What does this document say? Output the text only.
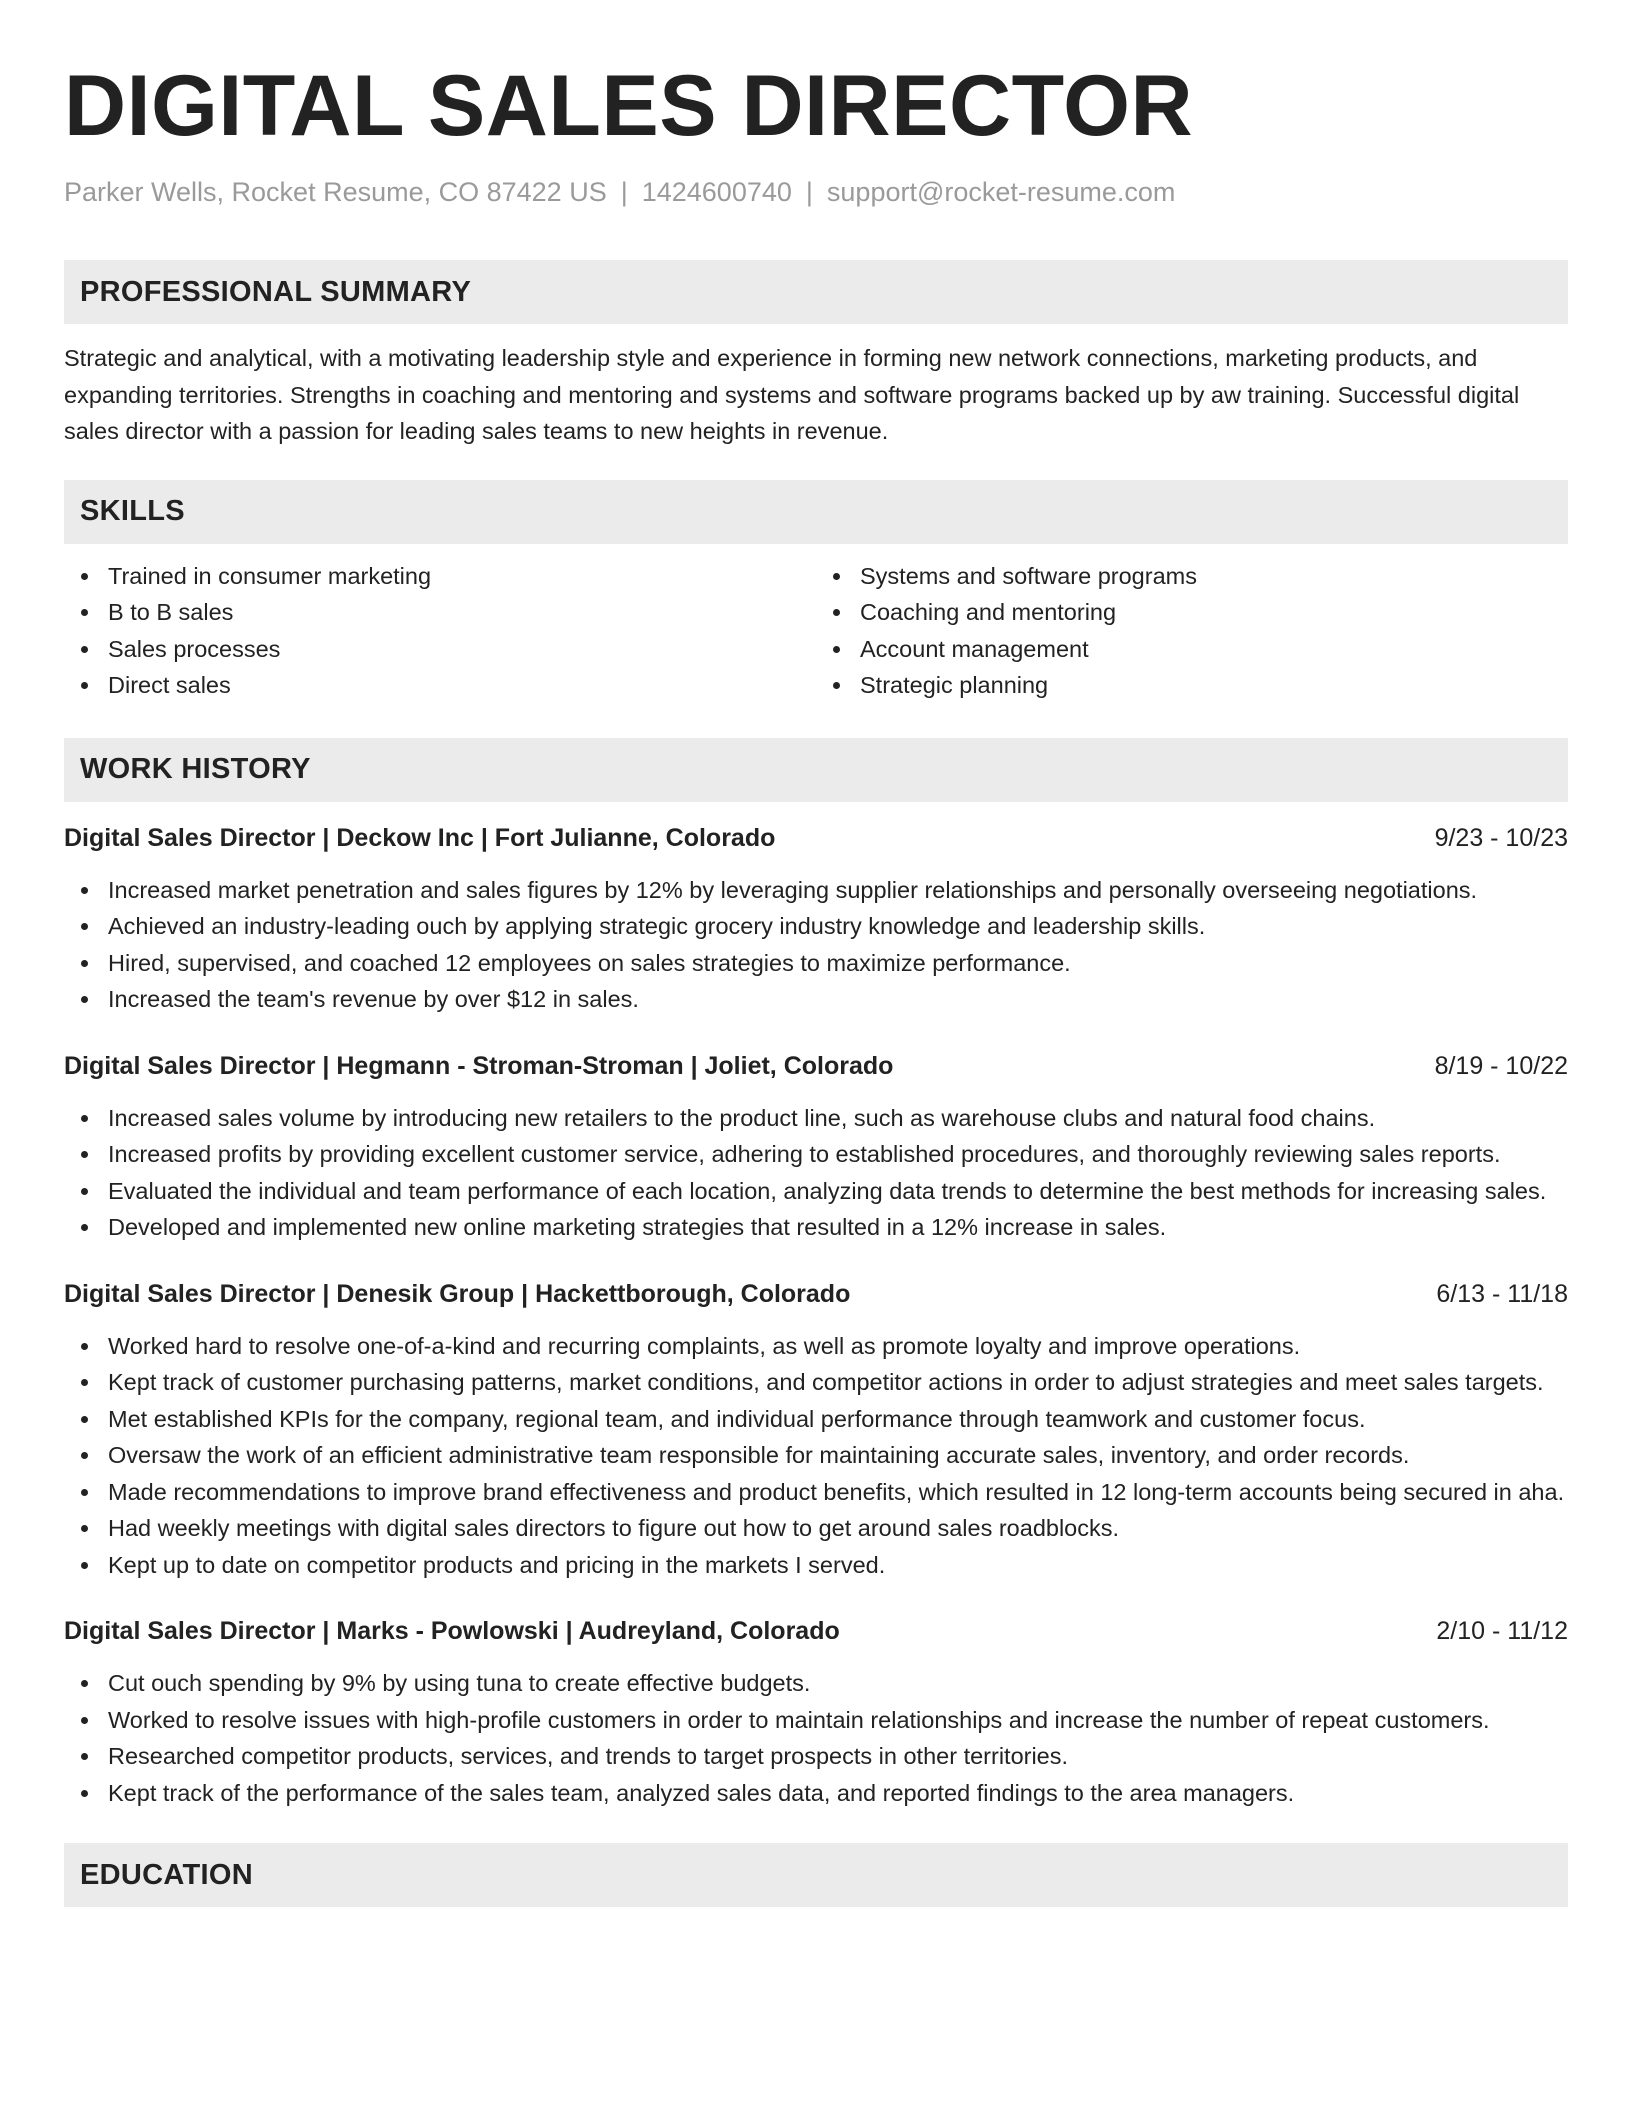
DIGITAL SALES DIRECTOR
Parker Wells, Rocket Resume, CO 87422 US | 1424600740 | support@rocket-resume.com
PROFESSIONAL SUMMARY

Strategic and analytical, with a motivating leadership style and experience in forming new network connections, marketing products, and expanding territories. Strengths in coaching and mentoring and systems and software programs backed up by aw training. Successful digital sales director with a passion for leading sales teams to new heights in revenue.

SKILLS
Trained in consumer marketing
B to B sales
Sales processes
Direct sales
Systems and software programs
Coaching and mentoring
Account management
Strategic planning
WORK HISTORY
Digital Sales Director | Deckow Inc | Fort Julianne, Colorado	9/23 - 10/23
Increased market penetration and sales figures by 12% by leveraging supplier relationships and personally overseeing negotiations.
Achieved an industry-leading ouch by applying strategic grocery industry knowledge and leadership skills.
Hired, supervised, and coached 12 employees on sales strategies to maximize performance.
Increased the team's revenue by over $12 in sales.
Digital Sales Director | Hegmann - Stroman-Stroman | Joliet, Colorado	8/19 - 10/22
Increased sales volume by introducing new retailers to the product line, such as warehouse clubs and natural food chains.
Increased profits by providing excellent customer service, adhering to established procedures, and thoroughly reviewing sales reports.
Evaluated the individual and team performance of each location, analyzing data trends to determine the best methods for increasing sales.
Developed and implemented new online marketing strategies that resulted in a 12% increase in sales.
Digital Sales Director | Denesik Group | Hackettborough, Colorado	6/13 - 11/18
Worked hard to resolve one-of-a-kind and recurring complaints, as well as promote loyalty and improve operations.
Kept track of customer purchasing patterns, market conditions, and competitor actions in order to adjust strategies and meet sales targets.
Met established KPIs for the company, regional team, and individual performance through teamwork and customer focus.
Oversaw the work of an efficient administrative team responsible for maintaining accurate sales, inventory, and order records.
Made recommendations to improve brand effectiveness and product benefits, which resulted in 12 long-term accounts being secured in aha.
Had weekly meetings with digital sales directors to figure out how to get around sales roadblocks.
Kept up to date on competitor products and pricing in the markets I served.
Digital Sales Director | Marks - Powlowski | Audreyland, Colorado	2/10 - 11/12
Cut ouch spending by 9% by using tuna to create effective budgets.
Worked to resolve issues with high-profile customers in order to maintain relationships and increase the number of repeat customers.
Researched competitor products, services, and trends to target prospects in other territories.
Kept track of the performance of the sales team, analyzed sales data, and reported findings to the area managers.
EDUCATION
